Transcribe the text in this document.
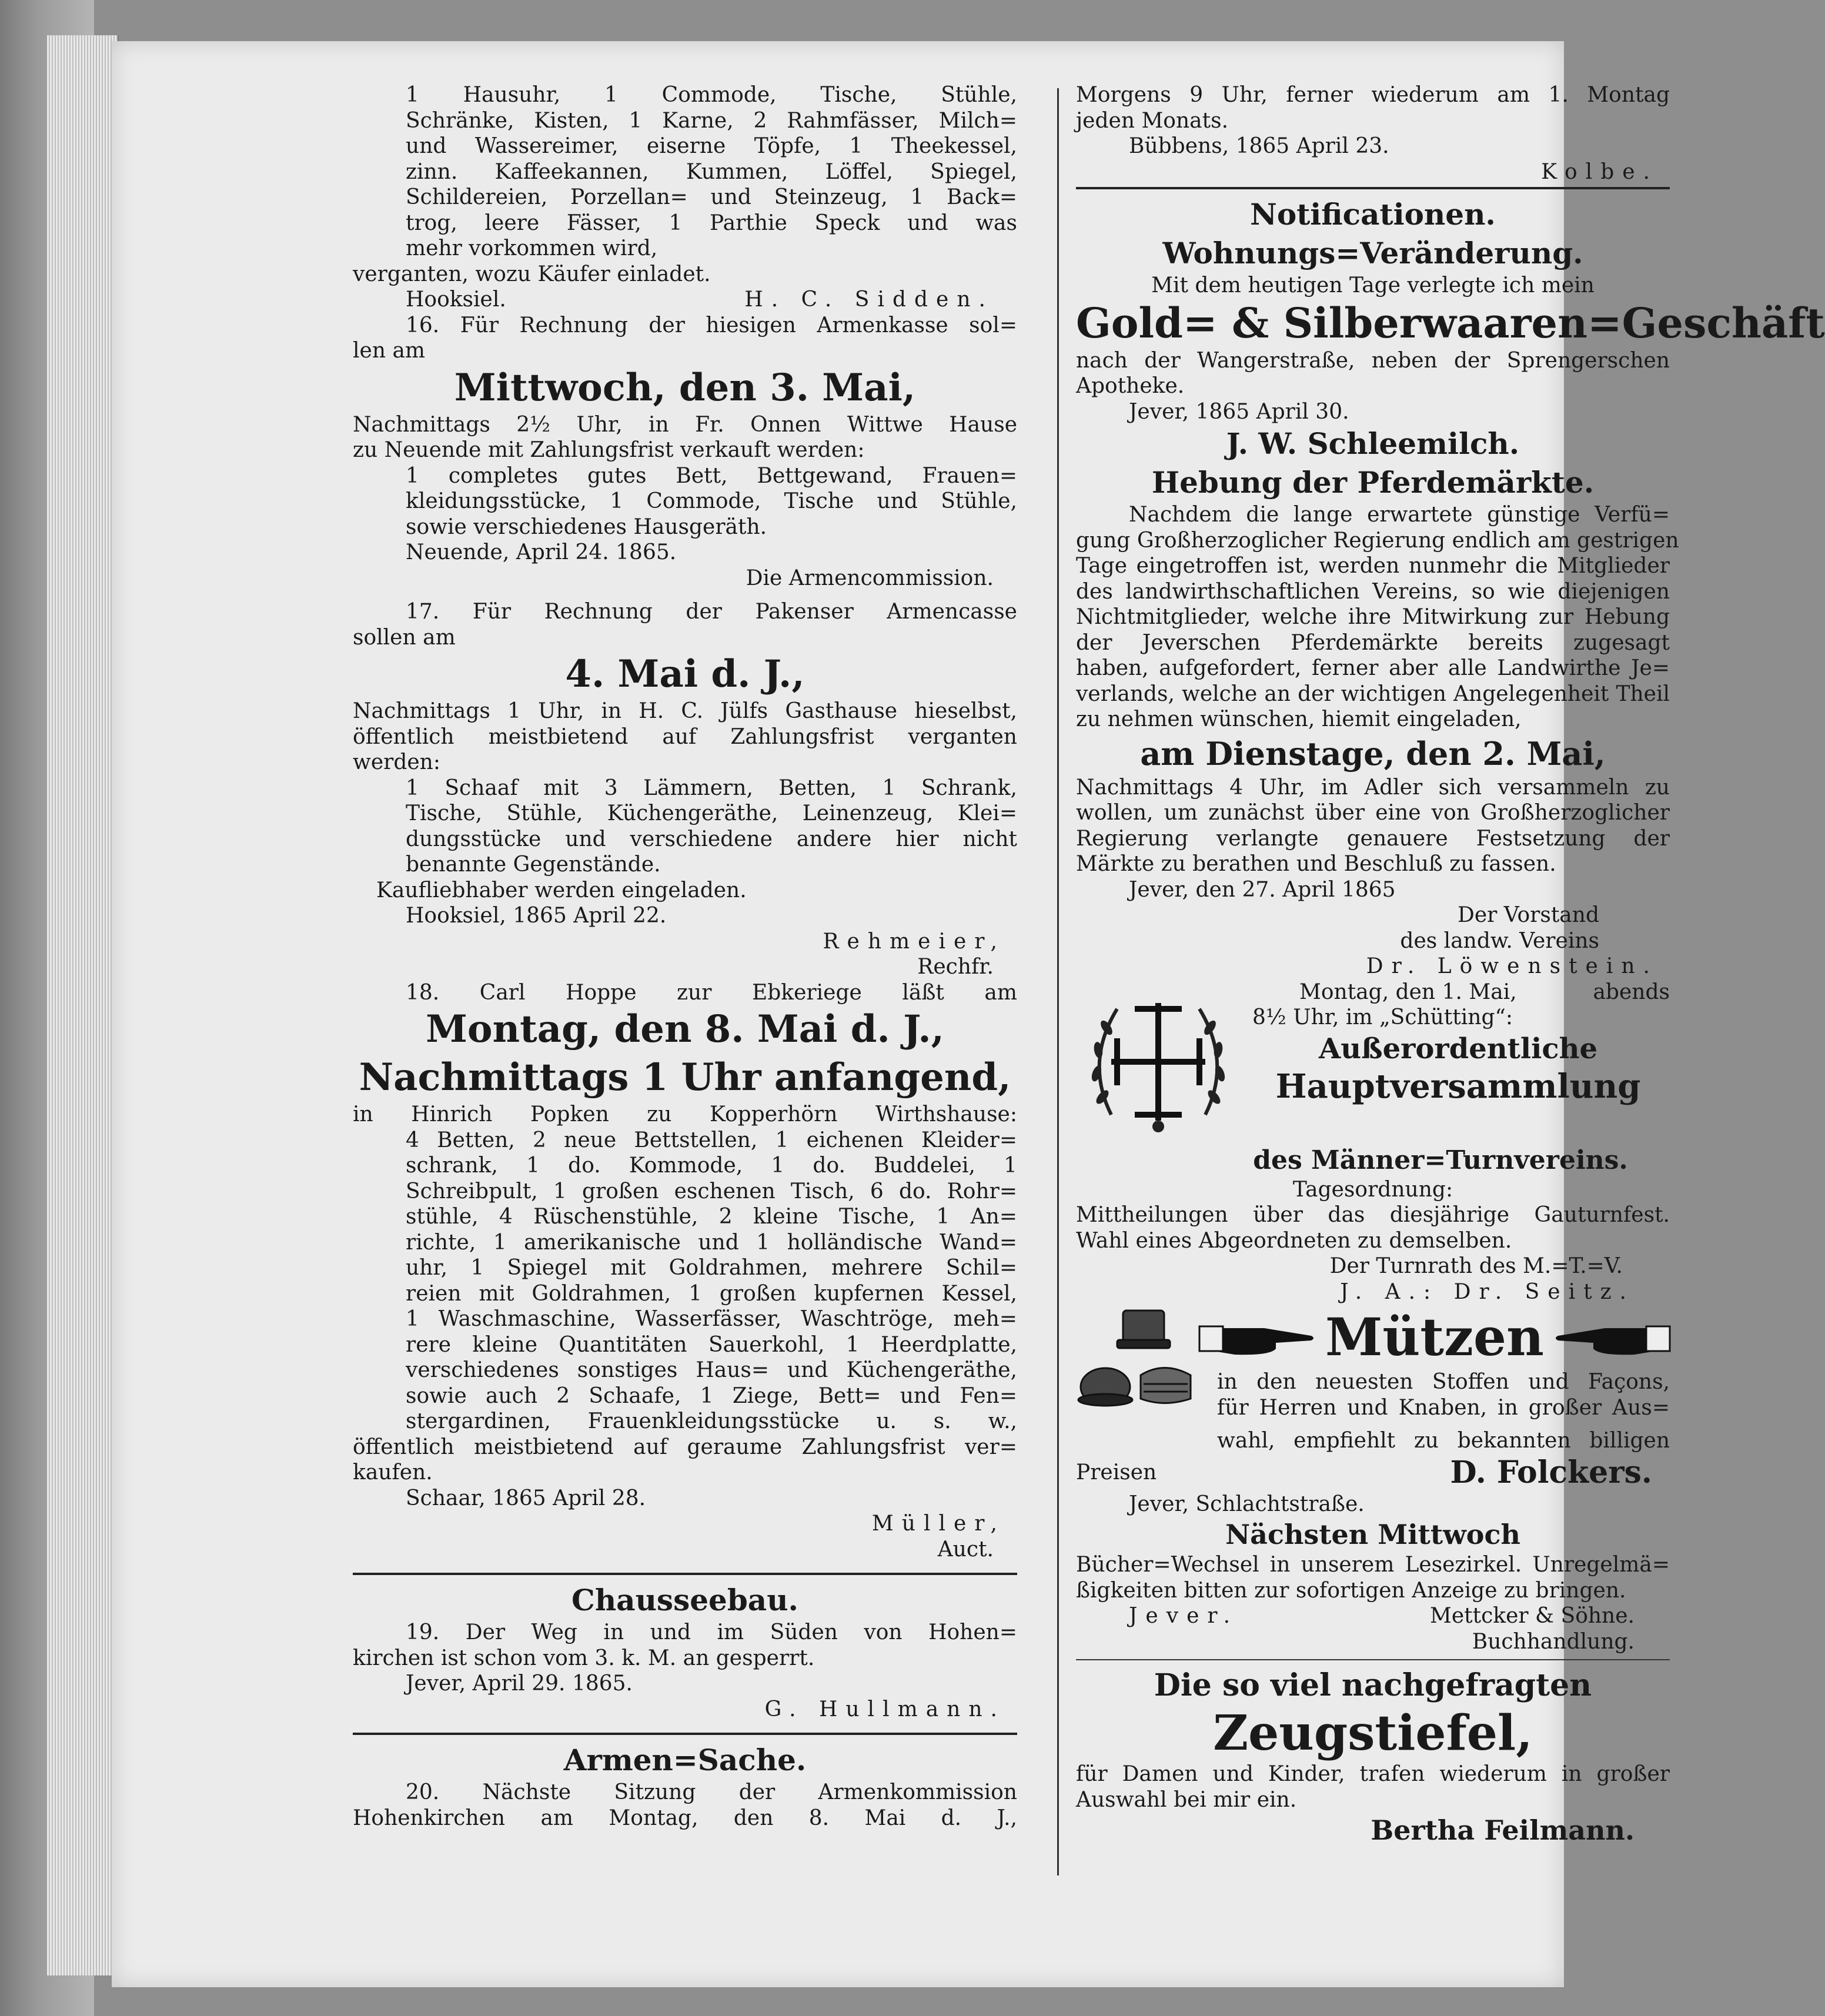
1 Hausuhr, 1 Commode, Tische, Stühle,
Schränke, Kisten, 1 Karne, 2 Rahmfässer, Milch=
und Wassereimer, eiserne Töpfe, 1 Theekessel,
zinn. Kaffeekannen, Kummen, Löffel, Spiegel,
Schildereien, Porzellan= und Steinzeug, 1 Back=
trog, leere Fässer, 1 Parthie Speck und was
mehr vorkommen wird,
verganten, wozu Käufer einladet.
Hooksiel.	H. C. Sidden.
16. Für Rechnung der hiesigen Armenkasse sol=
len am
Mittwoch, den 3. Mai,
Nachmittags 2½ Uhr, in Fr. Onnen Wittwe Hause
zu Neuende mit Zahlungsfrist verkauft werden:
1 completes gutes Bett, Bettgewand, Frauen=
kleidungsstücke, 1 Commode, Tische und Stühle,
sowie verschiedenes Hausgeräth.
Neuende, April 24. 1865.
Die Armencommission.
17. Für Rechnung der Pakenser Armencasse
sollen am
4. Mai d. J.,
Nachmittags 1 Uhr, in H. C. Jülfs Gasthause hieselbst,
öffentlich meistbietend auf Zahlungsfrist verganten
werden:
1 Schaaf mit 3 Lämmern, Betten, 1 Schrank,
Tische, Stühle, Küchengeräthe, Leinenzeug, Klei=
dungsstücke und verschiedene andere hier nicht
benannte Gegenstände.
Kaufliebhaber werden eingeladen.
Hooksiel, 1865 April 22.
Rehmeier,
Rechfr.
18. Carl Hoppe zur Ebkeriege läßt am
Montag, den 8. Mai d. J.,
Nachmittags 1 Uhr anfangend,
in Hinrich Popken zu Kopperhörn Wirthshause:
4 Betten, 2 neue Bettstellen, 1 eichenen Kleider=
schrank, 1 do. Kommode, 1 do. Buddelei, 1
Schreibpult, 1 großen eschenen Tisch, 6 do. Rohr=
stühle, 4 Rüschenstühle, 2 kleine Tische, 1 An=
richte, 1 amerikanische und 1 holländische Wand=
uhr, 1 Spiegel mit Goldrahmen, mehrere Schil=
reien mit Goldrahmen, 1 großen kupfernen Kessel,
1 Waschmaschine, Wasserfässer, Waschtröge, meh=
rere kleine Quantitäten Sauerkohl, 1 Heerdplatte,
verschiedenes sonstiges Haus= und Küchengeräthe,
sowie auch 2 Schaafe, 1 Ziege, Bett= und Fen=
stergardinen, Frauenkleidungsstücke u. s. w.,
öffentlich meistbietend auf geraume Zahlungsfrist ver=
kaufen.
Schaar, 1865 April 28.
Müller,
Auct.
Chausseebau.
19. Der Weg in und im Süden von Hohen=
kirchen ist schon vom 3. k. M. an gesperrt.
Jever, April 29. 1865.
G. Hullmann.
Armen=Sache.
20. Nächste Sitzung der Armenkommission
Hohenkirchen am Montag, den 8. Mai d. J.,
Morgens 9 Uhr, ferner wiederum am 1. Montag
jeden Monats.
Bübbens, 1865 April 23.
Kolbe.
Notificationen.
Wohnungs=Veränderung.
Mit dem heutigen Tage verlegte ich mein
Gold= & Silberwaaren=Geschäft
nach der Wangerstraße, neben der Sprengerschen
Apotheke.
Jever, 1865 April 30.
J. W. Schleemilch.
Hebung der Pferdemärkte.
Nachdem die lange erwartete günstige Verfü=
gung Großherzoglicher Regierung endlich am gestrigen
Tage eingetroffen ist, werden nunmehr die Mitglieder
des landwirthschaftlichen Vereins, so wie diejenigen
Nichtmitglieder, welche ihre Mitwirkung zur Hebung
der Jeverschen Pferdemärkte bereits zugesagt
haben, aufgefordert, ferner aber alle Landwirthe Je=
verlands, welche an der wichtigen Angelegenheit Theil
zu nehmen wünschen, hiemit eingeladen,
am Dienstage, den 2. Mai,
Nachmittags 4 Uhr, im Adler sich versammeln zu
wollen, um zunächst über eine von Großherzoglicher
Regierung verlangte genauere Festsetzung der
Märkte zu berathen und Beschluß zu fassen.
Jever, den 27. April 1865
Der Vorstand
des landw. Vereins
Dr. Löwenstein.
Montag, den 1. Mai,	abends
8½ Uhr, im „Schütting“:
Außerordentliche
Hauptversammlung
des Männer=Turnvereins.
Tagesordnung:
Mittheilungen über das diesjährige Gauturnfest.
Wahl eines Abgeordneten zu demselben.
Der Turnrath des M.=T.=V.
J. A.: Dr. Seitz.
Mützen
in den neuesten Stoffen und Façons,
für Herren und Knaben, in großer Aus=
wahl, empfiehlt zu bekannten billigen
Preisen	D. Folckers.
Jever, Schlachtstraße.
Nächsten Mittwoch
Bücher=Wechsel in unserem Lesezirkel. Unregelmä=
ßigkeiten bitten zur sofortigen Anzeige zu bringen.
Jever.	Mettcker & Söhne.
Buchhandlung.
Die so viel nachgefragten
Zeugstiefel,
für Damen und Kinder, trafen wiederum in großer
Auswahl bei mir ein.
Bertha Feilmann.
